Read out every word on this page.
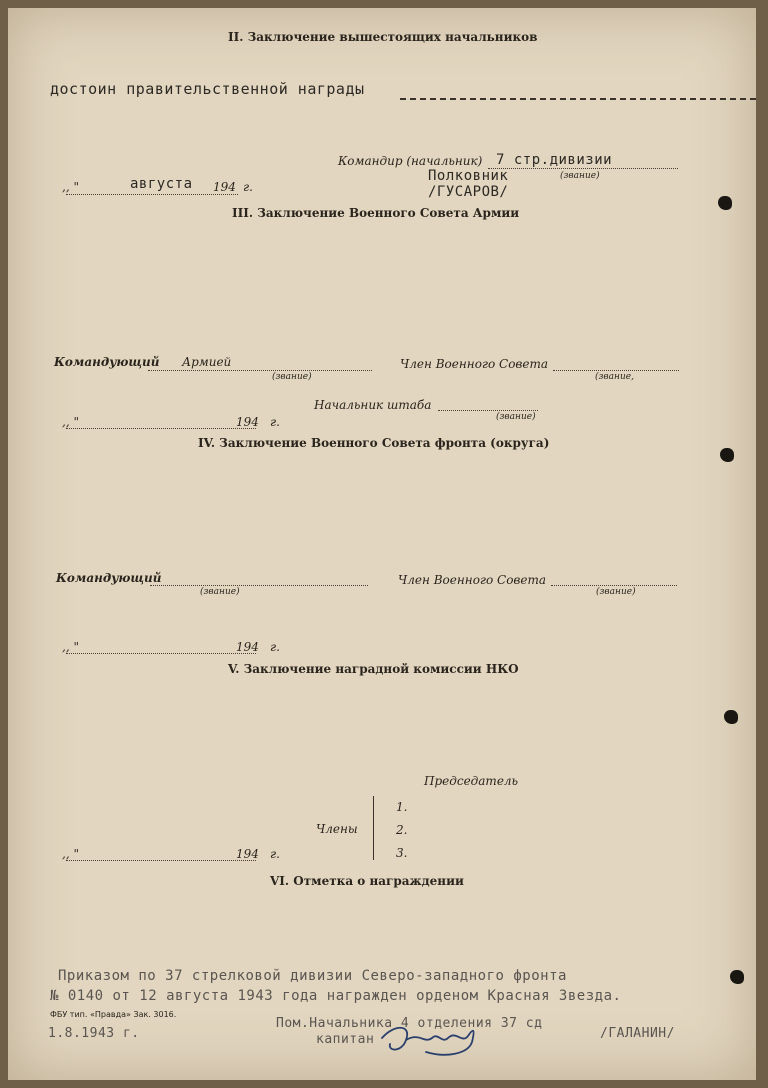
II. Заключение вышестоящих начальников
достоин правительственной награды
Командир (начальник) 7 стр.дивизии
Полковник	(звание)
/ГУСАРОВ/
,, "	августа 194 г.
III. Заключение Военного Совета Армии
Командующий Армией
(звание)
Член Военного Совета
(звание,
Начальник штаба
(звание)
,, "	194 г.
IV. Заключение Военного Совета фронта (округа)
Командующий
(звание)
Член Военного Совета
(звание)
,, "	194 г.
V. Заключение наградной комиссии НКО
Председатель
Члены
1.
2.
3.
,, "	194 г.
VI. Отметка о награждении
Приказом по 37 стрелковой дивизии Северо-западного фронта
№ 0140 от 12 августа 1943 года награжден орденом Красная Звезда.
ФБУ тип. «Правда» Зак. 3016.
1.8.1943 г.
Пом.Начальника 4 отделения 37 сд
капитан	/ГАЛАНИН/
